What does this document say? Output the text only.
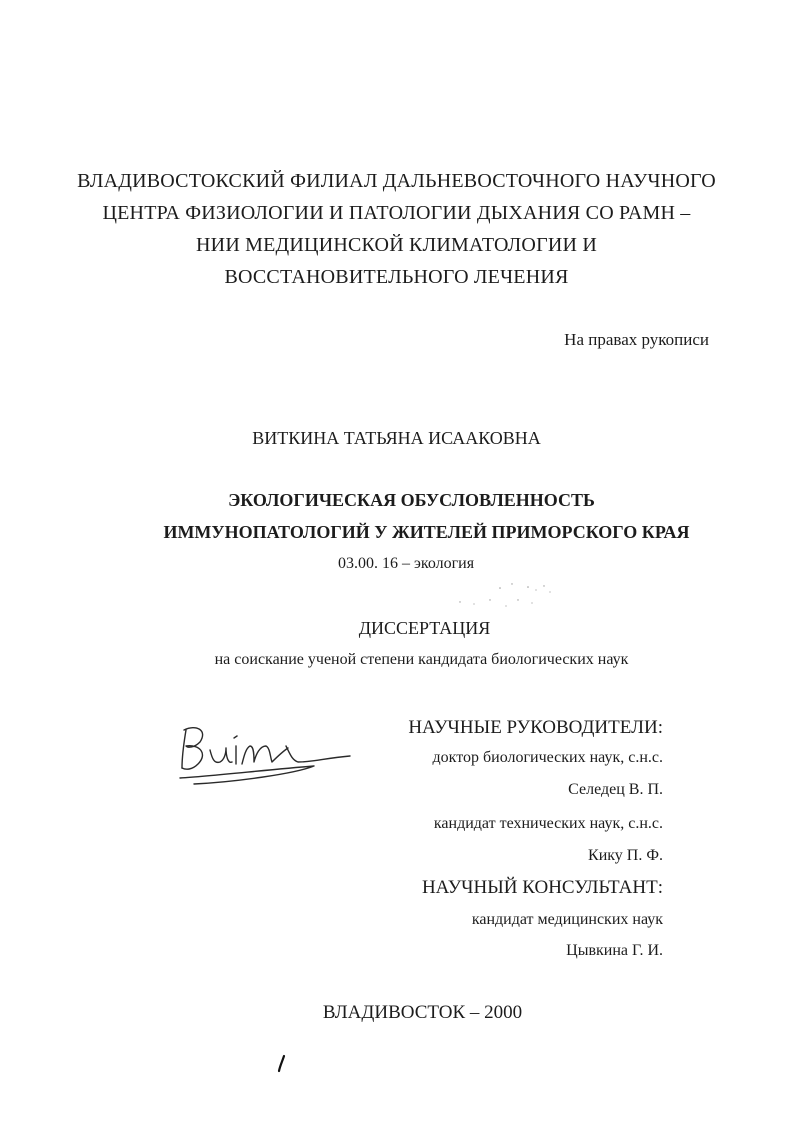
ВЛАДИВОСТОКСКИЙ ФИЛИАЛ ДАЛЬНЕВОСТОЧНОГО НАУЧНОГО
ЦЕНТРА ФИЗИОЛОГИИ И ПАТОЛОГИИ ДЫХАНИЯ СО РАМН –
НИИ МЕДИЦИНСКОЙ КЛИМАТОЛОГИИ И
ВОССТАНОВИТЕЛЬНОГО ЛЕЧЕНИЯ
На правах рукописи
ВИТКИНА ТАТЬЯНА ИСААКОВНА
ЭКОЛОГИЧЕСКАЯ ОБУСЛОВЛЕННОСТЬ
ИММУНОПАТОЛОГИЙ У ЖИТЕЛЕЙ ПРИМОРСКОГО КРАЯ
03.00. 16 – экология
ДИССЕРТАЦИЯ
на соискание ученой степени кандидата биологических наук
НАУЧНЫЕ РУКОВОДИТЕЛИ:
доктор биологических наук, с.н.с.
Селедец В. П.
кандидат технических наук, с.н.с.
Кику П. Ф.
НАУЧНЫЙ КОНСУЛЬТАНТ:
кандидат медицинских наук
Цывкина Г. И.
ВЛАДИВОСТОК – 2000
